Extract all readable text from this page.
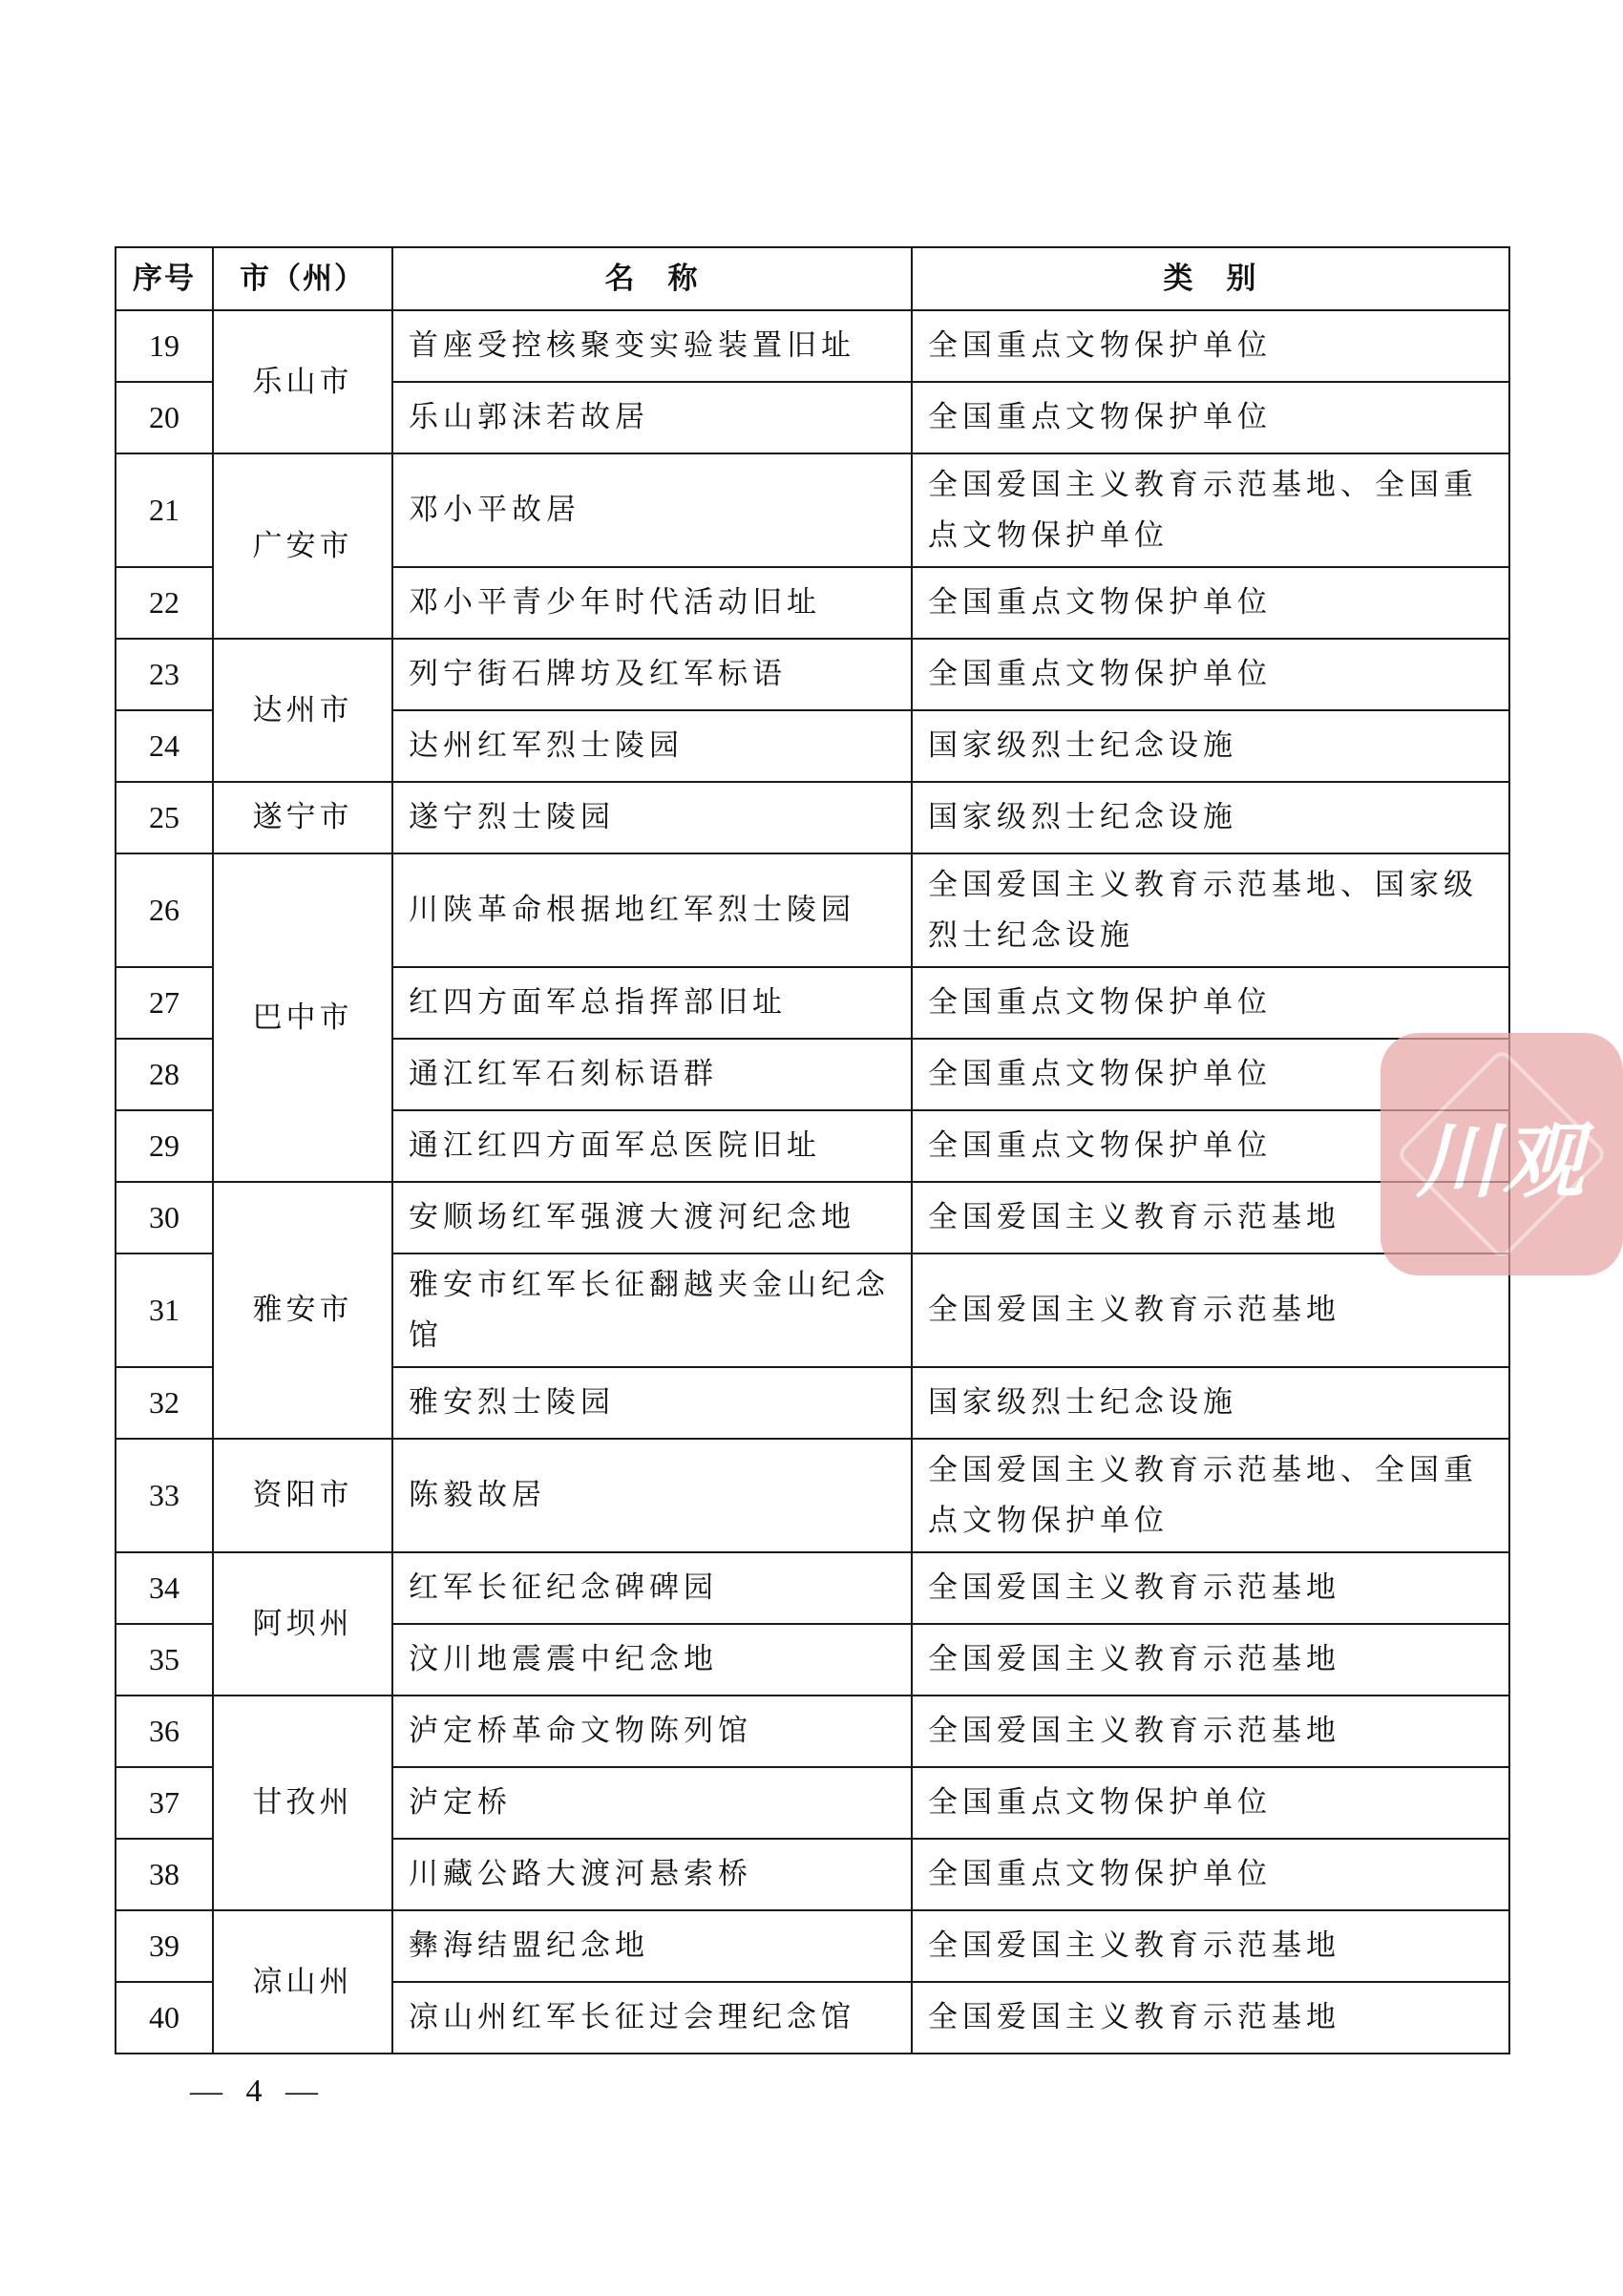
序号	市（州）	名　称	类　别
19	乐山市	首座受控核聚变实验装置旧址	全国重点文物保护单位
20		乐山郭沫若故居	全国重点文物保护单位
21	广安市	邓小平故居	全国爱国主义教育示范基地、全国重点文物保护单位
22		邓小平青少年时代活动旧址	全国重点文物保护单位
23	达州市	列宁街石牌坊及红军标语	全国重点文物保护单位
24		达州红军烈士陵园	国家级烈士纪念设施
25	遂宁市	遂宁烈士陵园	国家级烈士纪念设施
26	巴中市	川陕革命根据地红军烈士陵园	全国爱国主义教育示范基地、国家级烈士纪念设施
27		红四方面军总指挥部旧址	全国重点文物保护单位
28		通江红军石刻标语群	全国重点文物保护单位
29		通江红四方面军总医院旧址	全国重点文物保护单位
30	雅安市	安顺场红军强渡大渡河纪念地	全国爱国主义教育示范基地
31		雅安市红军长征翻越夹金山纪念馆	全国爱国主义教育示范基地
32		雅安烈士陵园	国家级烈士纪念设施
33	资阳市	陈毅故居	全国爱国主义教育示范基地、全国重点文物保护单位
34	阿坝州	红军长征纪念碑碑园	全国爱国主义教育示范基地
35		汶川地震震中纪念地	全国爱国主义教育示范基地
36	甘孜州	泸定桥革命文物陈列馆	全国爱国主义教育示范基地
37		泸定桥	全国重点文物保护单位
38		川藏公路大渡河悬索桥	全国重点文物保护单位
39	凉山州	彝海结盟纪念地	全国爱国主义教育示范基地
40		凉山州红军长征过会理纪念馆	全国爱国主义教育示范基地
— 4 —
川观
